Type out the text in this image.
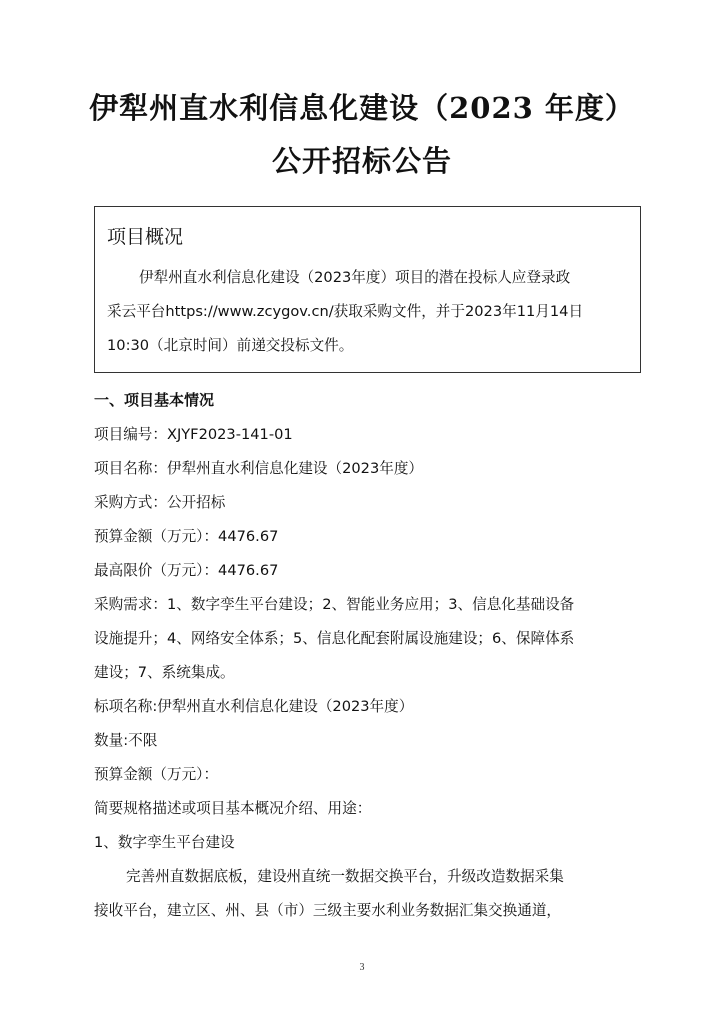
伊犁州直水利信息化建设（2023 年度）
公开招标公告
项目概况
伊犁州直水利信息化建设（2023年度）项目的潜在投标人应登录政
采云平台https://www.zcygov.cn/获取采购文件，并于2023年11月14日
10:30（北京时间）前递交投标文件。
一、项目基本情况
项目编号：XJYF2023-141-01
项目名称：伊犁州直水利信息化建设（2023年度）
采购方式：公开招标
预算金额（万元）：4476.67
最高限价（万元）：4476.67
采购需求：1、数字孪生平台建设；2、智能业务应用；3、信息化基础设备
设施提升；4、网络安全体系；5、信息化配套附属设施建设；6、保障体系
建设；7、系统集成。
标项名称:伊犁州直水利信息化建设（2023年度）
数量:不限
预算金额（万元）：
简要规格描述或项目基本概况介绍、用途：
1、数字孪生平台建设
完善州直数据底板，建设州直统一数据交换平台，升级改造数据采集
接收平台，建立区、州、县（市）三级主要水利业务数据汇集交换通道，
3
